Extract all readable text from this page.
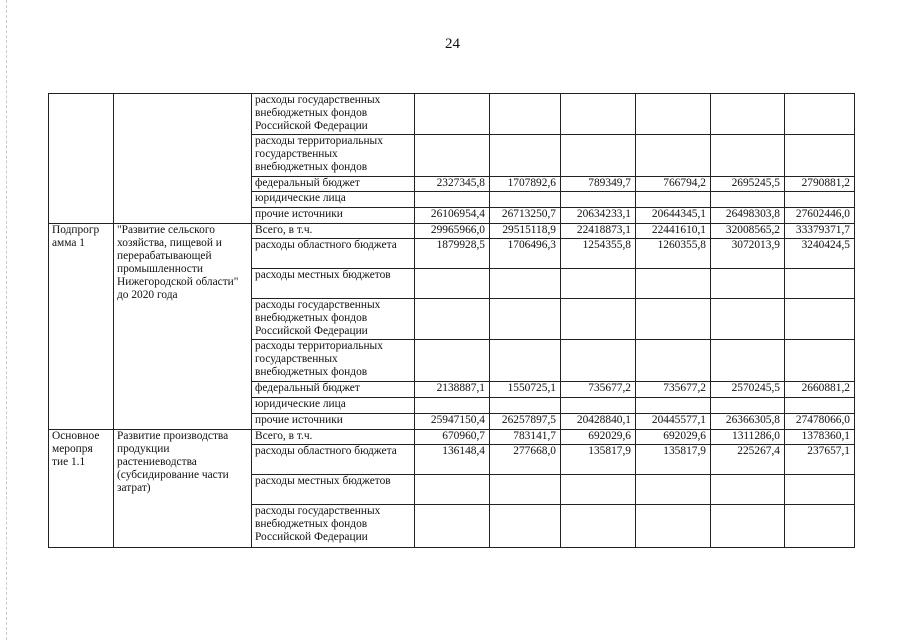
24
		расходы государственных внебюджетных фондов Российской Федерации						
		расходы территориальных государственных внебюджетных фондов						
		федеральный бюджет	2327345,8	1707892,6	789349,7	766794,2	2695245,5	2790881,2
		юридические лица						
		прочие источники	26106954,4	26713250,7	20634233,1	20644345,1	26498303,8	27602446,0
Подпрогр амма 1	"Развитие сельского хозяйства, пищевой и перерабатывающей промышленности Нижегородской области" до 2020 года	Всего, в т.ч.	29965966,0	29515118,9	22418873,1	22441610,1	32008565,2	33379371,7
		расходы областного бюджета	1879928,5	1706496,3	1254355,8	1260355,8	3072013,9	3240424,5
		расходы местных бюджетов						
		расходы государственных внебюджетных фондов Российской Федерации						
		расходы территориальных государственных внебюджетных фондов						
		федеральный бюджет	2138887,1	1550725,1	735677,2	735677,2	2570245,5	2660881,2
		юридические лица						
		прочие источники	25947150,4	26257897,5	20428840,1	20445577,1	26366305,8	27478066,0
Основное меропря тие 1.1	Развитие производства продукции растениеводства (субсидирование части затрат)	Всего, в т.ч.	670960,7	783141,7	692029,6	692029,6	1311286,0	1378360,1
		расходы областного бюджета	136148,4	277668,0	135817,9	135817,9	225267,4	237657,1
		расходы местных бюджетов						
		расходы государственных внебюджетных фондов Российской Федерации						
